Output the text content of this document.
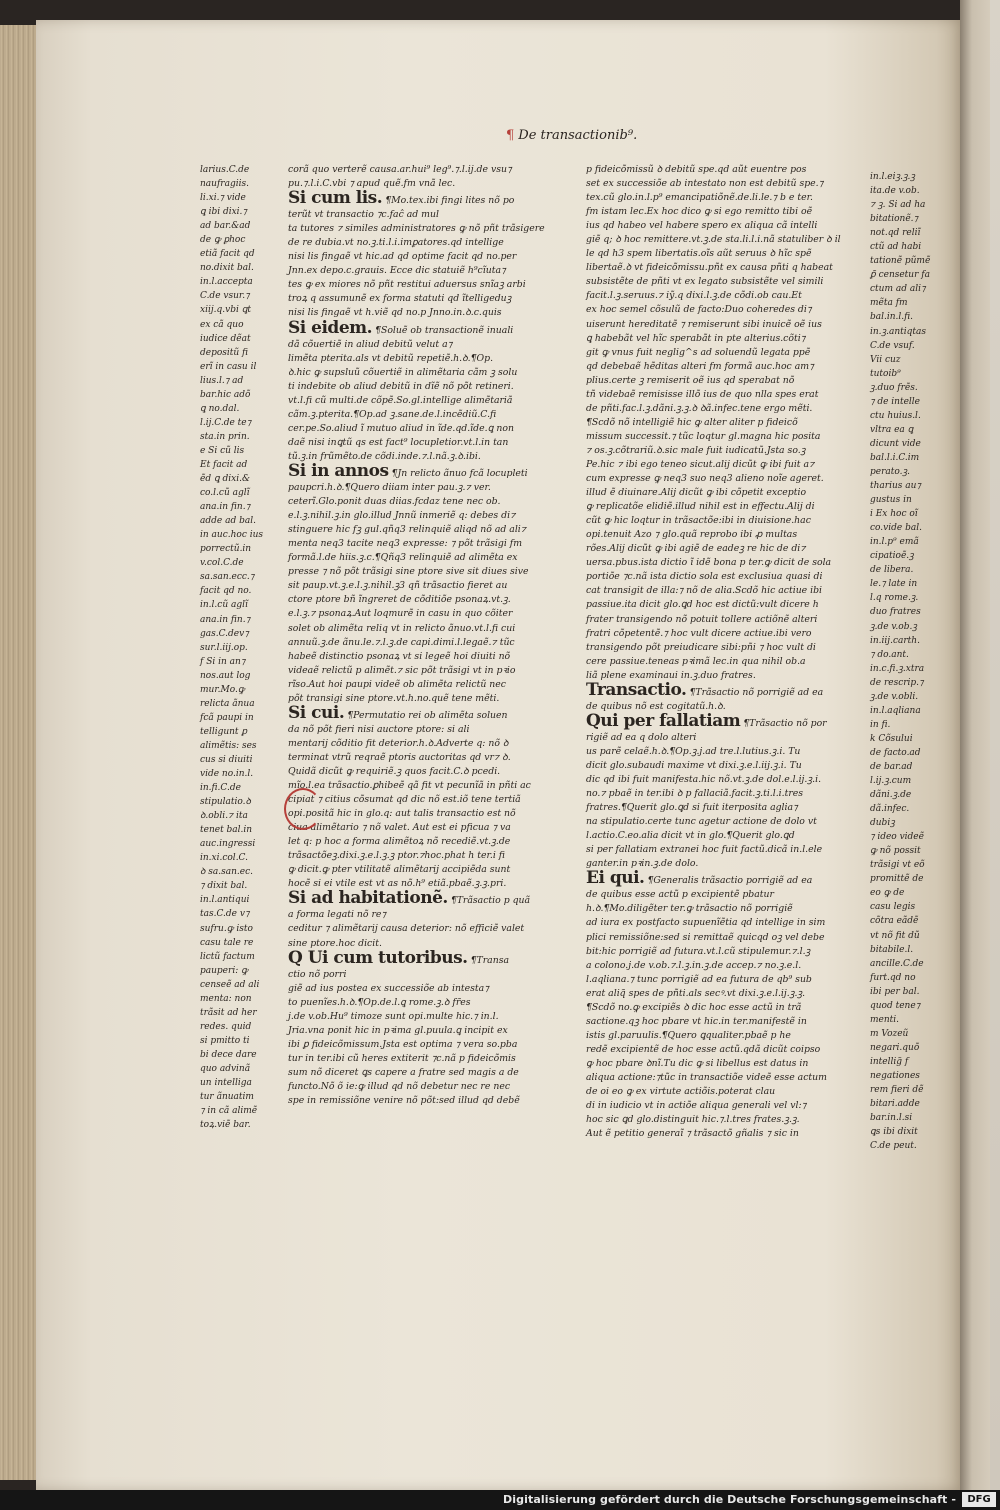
¶ De transactionib⁹.

larius.C.de

naufragiis.

li.xi.⁊ vide

ꝗ ibi dixi.⁊

ad bar.&ad

de ꝙ ꝑhoc

etiã facit qd

no.dixit bal.

in.l.accepta

C.de vsur.⁊

xiij.q.vbi ꝗt

ex cã quo

iudice dẽat

depositũ fi

erĩ in casu il

lius.l.⁊ ad

bar.hic adõ

ꝗ no.dal.

l.ij.C.de te⁊

sta.in prin.

e Si cũ lis

Et facit ad

ẽd ꝗ dixi.&

co.l.cũ aglĩ

ana.in fin.⁊

adde ad bal.

in auc.hoc ius

porrectũ.in

v.col.C.de

sa.san.ecc.⁊

facit qd no.

in.l.cũ aglĩ

ana.in fin.⁊

gas.C.dev⁊

sur.l.iij.op.

f Si in an⁊

nos.aut log

mur.Mo.ꝙ

relicta ãnua

fcã paupi in

telligunt ꝑ

alimẽtis: ses

cus si diuiti

vide no.in.l.

in.fi.C.de

stipulatio.ꝺ

ꝺ.obli.⁊ ita

tenet bal.in

auc.ingressi

in.xi.col.C.

ꝺ sa.san.ec.

⁊ dixit bal.

in.l.antiqui

tas.C.de v⁊

sufru.ꝙ isto

casu tale re

lictũ factum

pauperi: ꝙ

censeẽ ad ali

menta: non

trãsit ad her

redes. quid

si pmitto ti

bi dece dare

quo advinã

un intelliga

tur ãnuatim

⁊ in cã alimẽ

toꝝ.viẽ bar.

corã quo verterẽ causa.ar.hui⁹ leg⁹.⁊.l.ij.de vsu⁊

pu.⁊.l.i.C.vbi ⁊ apud quẽ.fm vnã lec.

Si cum lis. ¶Mo.tex.ibi fingi lites nõ po

terũt vt transactio ⁊c.faĉ ad mul

ta tutores ⁊ similes administratores ꝙ nõ pñt trãsigere

de re dubia.vt no.ꝫ.ti.l.i.imꝑatores.qd intellige

nisi lis fingaẽ vt hic.ad qd optime facit qd no.per

Jnn.ex depo.c.grauis. Ecce dic statuiẽ h⁹cĩuta⁊

tes ꝙ ex miores nõ pñt restitui aduersus snĩaꝫ arbi

troꝝ q assumunẽ ex forma statuti qd ĩtelligeduꝫ

nisi lis fingaẽ vt h.viẽ qd no.p Jnno.in.ꝺ.c.quis

Si eidem. ¶Soluẽ ob transactionẽ inuali

dã cõuertiẽ in aliud debitũ velut a⁊

limẽta pterita.als vt debitũ repetiẽ.h.ꝺ.¶Op.

ꝺ.hic ꝙ supsluũ cõuertiẽ in alimẽtaria cãm ꝫ solu

ti indebite ob aliud debitũ in dĩẽ nõ põt retineri.

vt.l.fi cũ multi.de cõpẽ.So.gl.intellige alimẽtariã

cãm.ꝫ.pterita.¶Op.ad ꝫ.sane.de.l.incẽdiũ.C.fi

cer.pe.So.aliud ĩ mutuo aliud in ĩde.qd.ĩde.ꝗ non

daẽ nisi inꝗtũ qs est fact⁹ locupletior.vt.l.in tan

tũ.ꝫ.in frũmẽto.de cõdi.inde.⁊.l.nã.ꝫ.ꝺ.ibi.

Si in annos ¶Jn relicto ãnuo fcã locupleti

paupcri.h.ꝺ.¶Quero diiam inter pau.ꝫ.⁊ ver.

ceterĩ.Glo.ponit duas diias.fcdaz tene nec ob.

e.l.ꝫ.nihil.ꝫ.in glo.illud Jnnũ inmeriẽ q: debes di⁊

stinguere hic fꝫ gul.qñq3 relinquiẽ aliqd nõ ad ali⁊

menta neq3 tacite neq3 expresse: ⁊ põt trãsigi fm

formã.l.de hiis.ꝫ.c.¶Qñq3 relinquiẽ ad alimẽta ex

presse ⁊ nõ põt trãsigi sine ptore sive sit diues sive

sit paup.vt.ꝫ.e.l.ꝫ.nihil.ꝫ3 qñ trãsactio fieret au

ctore ptore bñ ĩngreret de cõditiõe psonaꝝ.vt.ꝫ.

e.l.ꝫ.⁊ psonaꝝ.Aut loqmurẽ in casu in quo cõiter

solet ob alimẽta reliq vt in relicto ãnuo.vt.l.fi cui

annuũ.ꝫ.de ãnu.le.⁊.l.ꝫ.de capi.dimi.l.legaẽ.⁊ tũc

habeẽ distinctio psonaꝝ vt si legeẽ hoi diuiti nõ

videaẽ relictũ p alimẽt.⁊ sic põt trãsigi vt in pꝛio

rĩso.Aut hoi paupi videẽ ob alimẽta relictũ nec

põt transigi sine ptore.vt.h.no.quẽ tene mẽti.

Si cui. ¶Permutatio rei ob alimẽta soluen

da nõ põt fieri nisi auctore ptore: si ali

mentarij cõditio fit deterior.h.ꝺ.Adverte q: nõ ꝺ

terminat vtrũ reqraẽ ptoris auctoritas qd vr⁊ ꝺ.

Quidã dicũt ꝙ requiriẽ.ꝫ quos facit.C.ꝺ pcedi.

mĩo.l.ea trãsactio.ꝑhibeẽ qã fit vt pecunĩã in pñti ac

cipiat ⁊ citius cõsumat qd dic nõ est.iõ tene tertiã

opi.positã hic in glo.q: aut talis transactio est nõ

ciua alimẽtario ⁊ nõ valet. Aut est ei pficua ⁊ va

let q: p hoc a forma alimẽtoꝝ nõ recediẽ.vt.ꝫ.de

trãsactõeꝫ.dixi.ꝫ.e.l.ꝫ.ꝫ ptor.⁊hoc.phat h ter.i fi

ꝙ dicit.ꝙ pter vtilitatẽ alimẽtarij accipiẽda sunt

hocẽ si ei vtile est vt as nõ.h⁹ etiã.pbaẽ.ꝫ.ꝫ.pri.

Si ad habitationẽ. ¶Trãsactio p quã

a forma legati nõ re⁊

ceditur ⁊ alimẽtarij causa deterior: nõ efficiẽ valet

sine ptore.hoc dicit.

Q Ui cum tutoribus. ¶Transa

ctio nõ porri

giẽ ad ius postea ex successiõe ab intesta⁊

to puenĩes.h.ꝺ.¶Op.de.l.ꝗ rome.ꝫ.ꝺ fr̃es

j.de v.ob.Hu⁹ timoze sunt opi.multe hic.⁊ in.l.

Jria.vna ponit hic in pꝛima gl.puula.ꝗ incipit ex

ibi ꝑ fideicõmissum.Jsta est optima ⁊ vera so.pba

tur in ter.ibi cũ heres extiterit ⁊c.nã p fideicõmis

sum nõ diceret ꝗs capere a fratre sed magis a de

functo.Nõ õ ie:ꝙ illud qd nõ debetur nec re nec

spe in remissiõne venire nõ põt:sed illud qd debẽ

p fideicõmissũ ꝺ debitũ spe.qd aũt euentre pos

set ex successiõe ab intestato non est debitũ spe.⁊

tex.cũ glo.in.l.p⁹ emancipatiõnẽ.de.li.le.⁊ b e ter.

fm istam lec.Ex hoc dico ꝙ si ego remitto tibi oẽ

ius qd habeo vel habere spero ex aliqua cã intelli

giẽ q; ꝺ hoc remittere.vt.ꝫ.de sta.li.l.i.nã statuliber ꝺ il

le qd h3 spem libertatis.oĩs aũt seruus ꝺ hĩc spẽ

libertaẽ.ꝺ vt fideicõmissu.pñt ex causa pñti q habeat

subsistẽte de pñti vt ex legato subsistẽte vel simili

facit.l.ꝫ.seruus.⁊ iỹ.q dixi.l.ꝫ.de cõdi.ob cau.Et

ex hoc semel cõsulũ de facto:Duo coheredes di⁊

uiserunt hereditatẽ ⁊ remiserunt sibi inuicẽ oẽ ius

ꝗ habebãt vel hĩc sperabãt in pte alterius.cõti⁊

git ꝙ vnus fuit neglig^s ad soluendũ legata ppẽ

qd debebaẽ hẽditas alteri fm formã auc.hoc am⁊

plius.certe ꝫ remiserit oẽ ius qd sperabat nõ

tñ videbaẽ remisisse illõ ius de quo nlla spes erat

de pñti.fac.l.ꝫ.dãni.ꝫ.ꝫ.ꝺ ꝺã.infec.tene ergo mẽti.

¶Scdõ nõ intelligiẽ hic ꝙ alter aliter p fideicõ

missum successit.⁊ tũc loqtur gl.magna hic posita

⁊ os.ꝫ.cõtrariũ.ꝺ.sic male fuit iudicatũ.Jsta so.ꝫ

Pe.hic ⁊ ibi ego teneo sicut.alij dicũt ꝙ ibi fuit a⁊

cum expresse ꝙ neq3 suo neq3 alieno noĩe ageret.

illud ẽ diuinare.Alij dicũt ꝙ ibi cõpetit exceptio

ꝙ replicatõe elidiẽ.illud nihil est in effectu.Alij di

cũt ꝙ hic loqtur in trãsactõe:ibi in diuisione.hac

opi.tenuit Azo ⁊ glo.quã reprobo ibi ꝓ multas

rões.Alij dicũt ꝙ ibi agiẽ de eadeꝫ re hic de di⁊

uersa.pbus.ista dictio ĩ idẽ bona p ter.ꝙ dicit de sola

portiõe ⁊c.nã ista dictio sola est exclusiua quasi di

cat transigit de illa:⁊ nõ de alia.Scdõ hic actiue ibi

passiue.ita dicit glo.ꝗd hoc est dictũ:vult dicere h

frater transigendo nõ potuit tollere actiõnẽ alteri

fratri cõpetentẽ.⁊ hoc vult dicere actiue.ibi vero

transigendo põt preiudicare sibi:pñi ⁊ hoc vult di

cere passiue.teneas pꝛimã lec.in qua nihil ob.a

liã plene examinaui in.ꝫ.duo fratres.

Transactio. ¶Trãsactio nõ porrigiẽ ad ea

de quibus nõ est cogitatũ.h.ꝺ.

Qui per fallatiam ¶Trãsactio nõ por

rigiẽ ad ea q dolo alteri

us parẽ celaẽ.h.ꝺ.¶Op.ꝫ.j.ad tre.l.lutius.ꝫ.i. Tu

dicit glo.subaudi maxime vt dixi.ꝫ.e.l.iij.ꝫ.i. Tu

dic qd ibi fuit manifesta.hic nõ.vt.ꝫ.de dol.e.l.ij.ꝫ.i.

no.⁊ pbaẽ in ter.ibi ꝺ p fallaciã.facit.ꝫ.ti.l.i.tres

fratres.¶Querit glo.ꝗd si fuit iterposita aglia⁊

na stipulatio.certe tunc agetur actione de dolo vt

l.actio.C.eo.alia dicit vt in glo.¶Querit glo.ꝗd

si per fallatiam extranei hoc fuit factũ.dicã in.l.ele

ganter.in pꝛin.ꝫ.de dolo.

Ei qui. ¶Generalis trãsactio porrigiẽ ad ea

de quibus esse actũ p excipientẽ pbatur

h.ꝺ.¶Mo.diligẽter ter.ꝙ trãsactio nõ porrigiẽ

ad iura ex postfacto supuenĩẽtia qd intellige in sim

plici remissiõne:sed si remittaẽ quicqd oꝫ vel debe

bit:hic porrigiẽ ad futura.vt.l.cũ stipulemur.⁊.l.ꝫ

a colono.j.de v.ob.⁊.l.ꝫ.in.ꝫ.de accep.⁊ no.ꝫ.e.l.

l.aqliana.⁊ tunc porrigiẽ ad ea futura de qb⁹ sub

erat aliq̃ spes de pñti.als secꝰ.vt dixi.ꝫ.e.l.ij.ꝫ.ꝫ.

¶Scdõ no.ꝙ excipiẽs ꝺ dic hoc esse actũ in trã

sactione.qꝫ hoc pbare vt hic.in ter.manifestẽ in

istis gl.paruulis.¶Quero ꝗqualiter.pbaẽ p he

redẽ excipientẽ de hoc esse actũ.qdã dicũt coipso

ꝙ hoc pbare ꝺnĩ.Tu dic ꝙ si libellus est datus in

aliqua actione:⁊tũc in transactiõe videẽ esse actum

de oi eo ꝙ ex virtute actiõis.poterat clau

di in iudicio vt in actiõe aliqua generali vel vl:⁊

hoc sic ꝗd glo.distinguit hic.⁊.l.tres frates.ꝫ.ꝫ.

Aut ẽ petitio generaĩ ⁊ trãsactõ gñalis ⁊ sic in

in.l.eiꝫ.ꝫ.ꝫ

ita.de v.ob.

⁊ ꝫ. Si ad ha

bitationẽ.⁊

not.qd reliĩ

ctũ ad habi

tationẽ pũmẽ

ꝑ̃ censetur fa

ctum ad ali⁊

mẽta fm

bal.in.l.fi.

in.ꝫ.antiqtas

C.de vsuf.

Vii cuz

tutoib⁹

ꝫ.duo frẽs.

⁊ de intelle

ctu huius.l.

vltra ea ꝗ

dicunt vide

bal.l.i.C.im

perato.ꝫ.

tharius au⁊

gustus in

i Ex hoc oĩ

co.vide bal.

in.l.p⁹ emã

cipatioẽ.ꝫ

de libera.

le.⁊ late in

l.q rome.ꝫ.

duo fratres

ꝫ.de v.ob.ꝫ

in.iij.carth.

⁊ do.ant.

in.c.fi.ꝫ.xtra

de rescrip.⁊

ꝫ.de v.obli.

in.l.aqliana

in fi.

k Cõsului

de facto.ad

de bar.ad

l.ij.ꝫ.cum

dãni.ꝫ.de

dã.infec.

dubiꝫ

⁊ ideo videẽ

ꝙ nõ possit

trãsigi vt eõ

promittẽ de

eo ꝙ de

casu legis

cõtra eãdẽ

vt nõ fit dũ

bitabile.l.

ancille.C.de

furt.qd no

ibi per bal.

quod tene⁊

menti.

m Vozeũ

negari.quõ

intellig̃ f

negationes

rem fieri dẽ

bitari.adde

bar.in.l.si

ꝗs ibi dixit

C.de peut.

Digitalisierung gefördert durch die Deutsche Forschungsgemeinschaft -	DFG
